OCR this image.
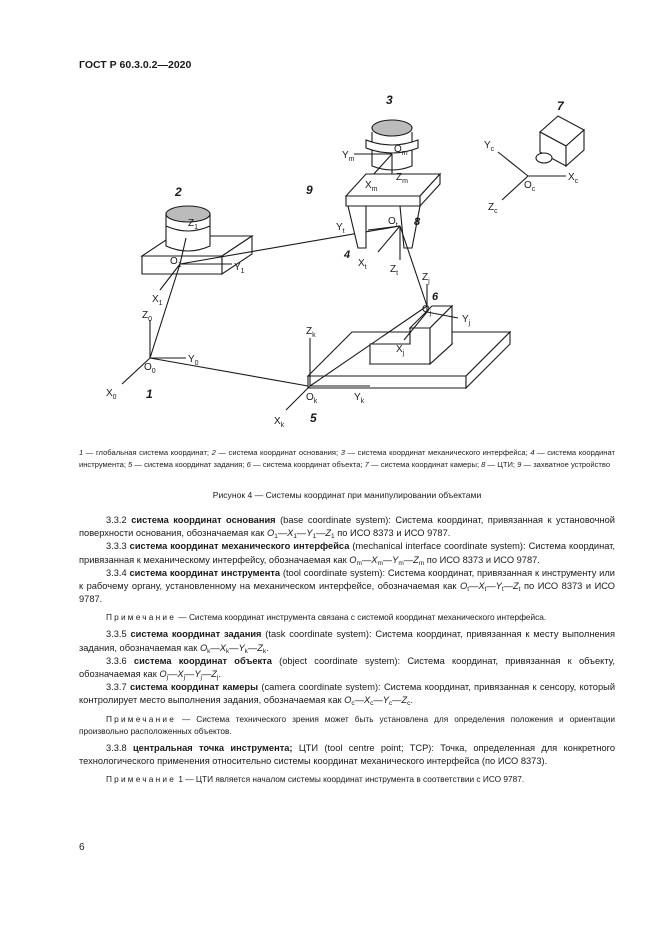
ГОСТ Р 60.3.0.2—2020
2
3	7
9
8
4
6
1
5
$Z_1$
$O_1$	$Y_1$
$X_1$
$Z_0$
$Y_0$
$O_0$
$X_0$
$Y_m$
$O_m$
$Z_m$
$X_m$
$Y_t$
$O_t$
$X_t$ $Z_t$ $Z_j$
$O_j$
$Y_j$
$X_j$
$Z_k$
$O_k$	$Y_k$
$X_k$
$Y_c$
$X_c$
$O_c$
$Z_c$
1 — глобальная система координат; 2 — система координат основания; 3 — система координат механического интерфейса; 4 — система координат инструмента; 5 — система координат задания; 6 — система координат объекта; 7 — система координат камеры; 8 — ЦТИ; 9 — захватное устройство
Рисунок 4 — Системы координат при манипулировании объектами

3.3.2 система координат основания (base coordinate system): Система координат, привязанная к установочной поверхности основания, обозначаемая как $O_1—X_1—Y_1—Z_1$ по ИСО 8373 и ИСО 9787.

3.3.3 система координат механического интерфейса (mechanical interface coordinate system): Система координат, привязанная к механическому интерфейсу, обозначаемая как $O_m—X_m—Y_m—Z_m$ по ИСО 8373 и ИСО 9787.

3.3.4 система координат инструмента (tool coordinate system): Система координат, привязанная к инструменту или к рабочему органу, установленному на механическом интерфейсе, обозначаемая как $O_t—X_t—Y_t—Z_t$ по ИСО 8373 и ИСО 9787.

Примечание — Система координат инструмента связана с системой координат механического интерфейса.

3.3.5 система координат задания (task coordinate system): Система координат, привязанная к месту выполнения задания, обозначаемая как $O_k—X_k—Y_k—Z_k$.

3.3.6 система координат объекта (object coordinate system): Система координат, привязанная к объекту, обозначаемая как $O_j—X_j—Y_j—Z_j$.

3.3.7 система координат камеры (camera coordinate system): Система координат, привязанная к сенсору, который контролирует место выполнения задания, обозначаемая как $O_c—X_c—Y_c—Z_c$.

Примечание — Система технического зрения может быть установлена для определения положения и ориентации произвольно расположенных объектов.

3.3.8 центральная точка инструмента; ЦТИ (tool centre point; TCP): Точка, определенная для конкретного технологического применения относительно системы координат механического интерфейса (по ИСО 8373).

Примечание 1 — ЦТИ является началом системы координат инструмента в соответствии с ИСО 9787.

6
